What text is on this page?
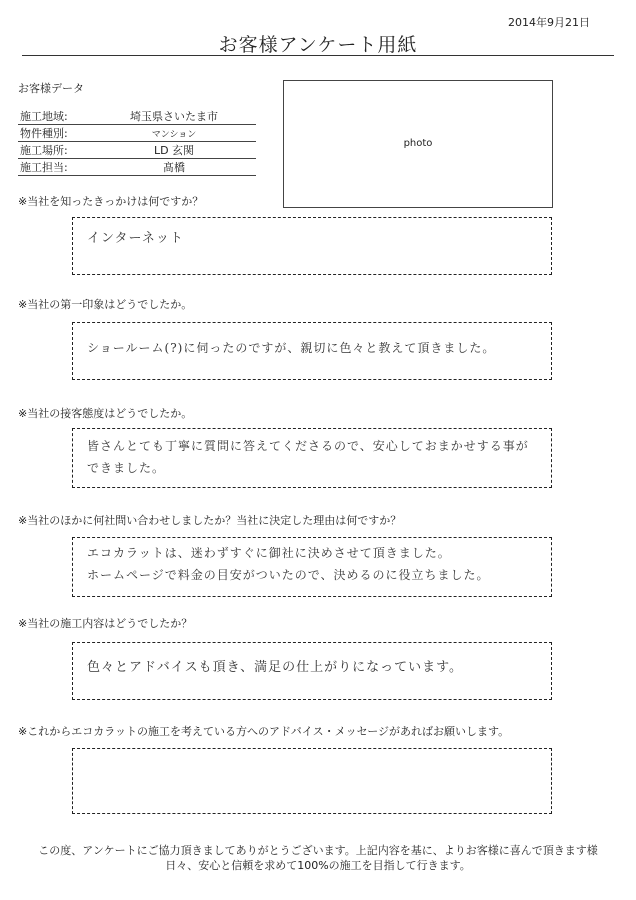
2014年9月21日
お客様アンケート用紙
お客様データ
施工地域:	埼玉県さいたま市
物件種別:	マンション
施工場所:	LD 玄関
施工担当:	髙橋
photo
※当社を知ったきっかけは何ですか？
インターネット
※当社の第一印象はどうでしたか。
ショールーム(?)に伺ったのですが、親切に色々と教えて頂きました。
※当社の接客態度はどうでしたか。
皆さんとても丁寧に質問に答えてくださるので、安心しておまかせする事が
できました。
※当社のほかに何社問い合わせしましたか？当社に決定した理由は何ですか？
エコカラットは、迷わずすぐに御社に決めさせて頂きました。
ホームページで料金の目安がついたので、決めるのに役立ちました。
※当社の施工内容はどうでしたか？
色々とアドバイスも頂き、満足の仕上がりになっています。
※これからエコカラットの施工を考えている方へのアドバイス・メッセージがあればお願いします。
この度、アンケートにご協力頂きましてありがとうございます。上記内容を基に、よりお客様に喜んで頂きます様
日々、安心と信頼を求めて100%の施工を目指して行きます。
